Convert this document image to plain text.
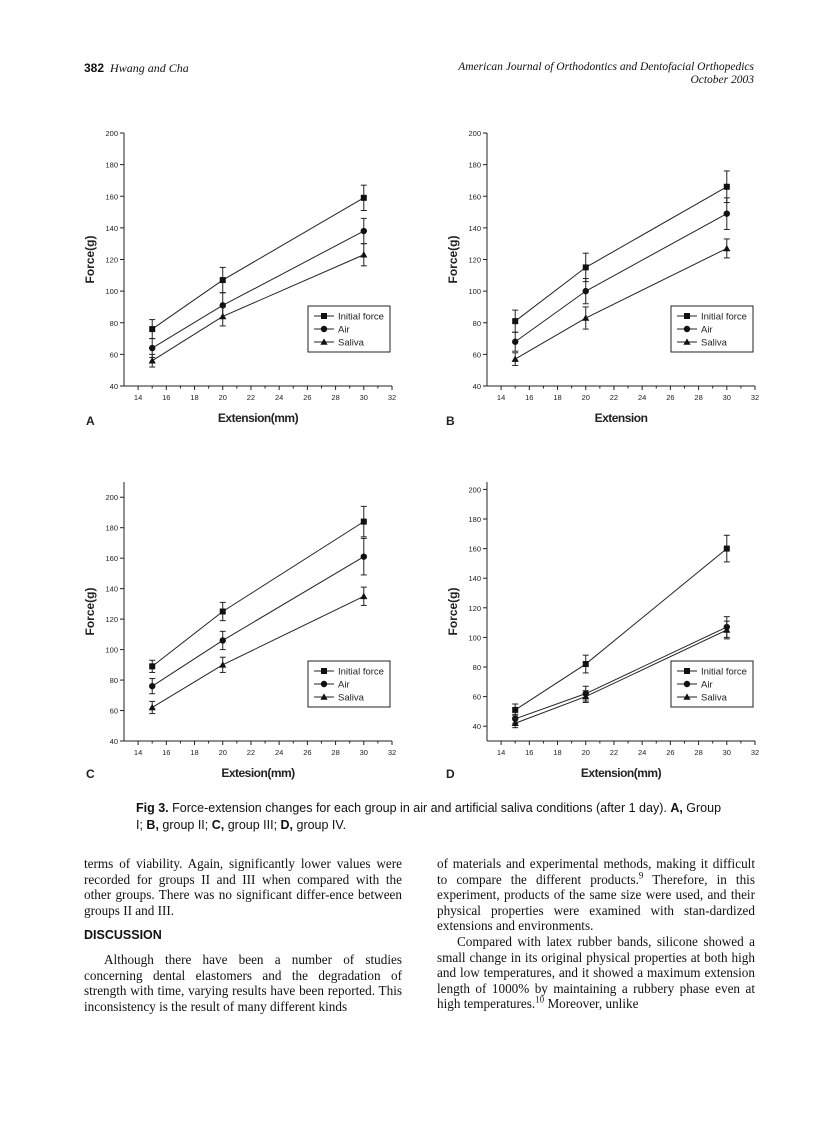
382 Hwang and Cha	American Journal of Orthodontics and Dentofacial Orthopedics
October 2003
40
60
80
100
120
140
160
180
200
14	16	18	20	22	24	26	28	30	32
Extension(mm)
Force(g)
A
Initial force
Air
Saliva
40
60
80
100
120
140
160
180
200
14	16	18	20	22	24	26	28	30	32
Extension
Force(g)
B
Initial force
Air
Saliva
40
60
80
100
120
140
160
180
200
14	16	18	20	22	24	26	28	30	32
Extesion(mm)
Force(g)
C
Initial force
Air
Saliva
40
60
80
100
120
140
160
180
200
14	16	18	20	22	24	26	28	30	32
Extension(mm)
Force(g)
D
Initial force
Air
Saliva
Fig 3. Force-extension changes for each group in air and artificial saliva conditions (after 1 day). A, Group I; B, group II; C, group III; D, group IV.

terms of viability. Again, significantly lower values were recorded for groups II and III when compared with the other groups. There was no significant differ-ence between groups II and III.

DISCUSSION

Although there have been a number of studies concerning dental elastomers and the degradation of strength with time, varying results have been reported. This inconsistency is the result of many different kinds

of materials and experimental methods, making it difficult to compare the different products.$^9$ Therefore, in this experiment, products of the same size were used, and their physical properties were examined with stan-dardized extensions and environments.

Compared with latex rubber bands, silicone showed a small change in its original physical properties at both high and low temperatures, and it showed a maximum extension length of 1000% by maintaining a rubbery phase even at high temperatures.$^{10}$ Moreover, unlike
